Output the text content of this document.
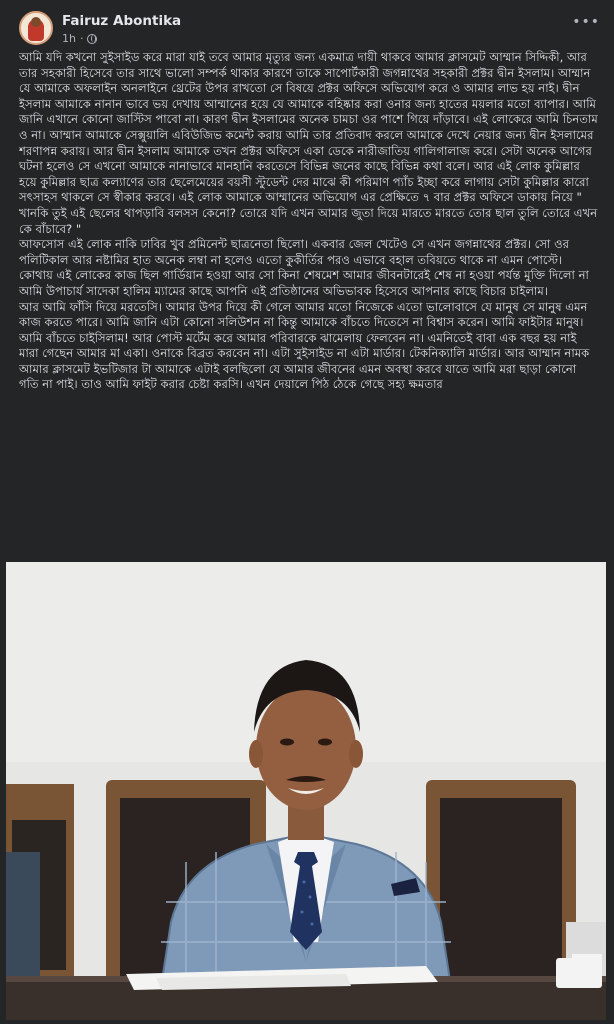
Fairuz Abontika
1h ·
•••

আমি যদি কখনো সুইসাইড করে মারা যাই তবে আমার মৃত্যুর জন্য একমাত্র দায়ী থাকবে আমার ক্লাসমেট আম্মান সিদ্দিকী, আর তার সহকারী হিসেবে তার সাথে ভালো সম্পর্ক থাকার কারণে তাকে সাপোর্টকারী জগন্নাথের সহকারী প্রক্টর দ্বীন ইসলাম। আম্মান যে আমাকে অফলাইন অনলাইনে থ্রেটের উপর রাখতো সে বিষয়ে প্রক্টর অফিসে অভিযোগ করে ও আমার লাভ হয় নাই। দ্বীন ইসলাম আমাকে নানান ভাবে ভয় দেখায় আম্মানের হয়ে যে আমাকে বহিষ্কার করা ওনার জন্য হাতের ময়লার মতো ব্যাপার। আমি জানি এখানে কোনো জাস্টিস পাবো না। কারণ দ্বীন ইসলামের অনেক চামচা ওর পাশে গিয়ে দাঁড়াবে। এই লোকেরে আমি চিনতাম ও না। আম্মান আমাকে সেক্সুয়ালি এবিউজিভ কমেন্ট করায় আমি তার প্রতিবাদ করলে আমাকে দেখে নেয়ার জন্য দ্বীন ইসলামের শরণাপন্ন করায়। আর দ্বীন ইসলাম আমাকে তখন প্রক্টর অফিসে একা ডেকে নারীজাতিয় গালিগালাজ করে। সেটা অনেক আগের ঘটনা হলেও সে এখনো আমাকে নানাভাবে মানহানি করতেসে বিভিন্ন জনের কাছে বিভিন্ন কথা বলে। আর এই লোক কুমিল্লার হয়ে কুমিল্লার ছাত্র কল্যাণের তার ছেলেমেয়ের বয়সী স্টুডেন্ট দের মাঝে কী পরিমাণ প্যাঁচ ইচ্ছা করে লাগায় সেটা কুমিল্লার কারো সৎসাহস থাকলে সে স্বীকার করবে। এই লোক আমাকে আম্মানের অভিযোগ এর প্রেক্ষিতে ৭ বার প্রক্টর অফিসে ডাকায় নিয়ে " খানকি তুই এই ছেলের থাপড়াবি বলসস কেনো? তোরে যদি এখন আমার জুতা দিয়ে মারতে মারতে তোর ছাল তুলি তোরে এখন কে বাঁচাবে? "

আফসোস এই লোক নাকি ঢাবির খুব প্রমিনেন্ট ছাত্রনেতা ছিলো। একবার জেল খেটেও সে এখন জগন্নাথের প্রক্টর। সো ওর পলিটিকাল আর নষ্টামির হাত অনেক লম্বা না হলেও এতো কুকীর্তির পরও এভাবে বহাল তবিয়তে থাকে না এমন পোস্টে। কোথায় এই লোকের কাজ ছিল গার্ডিয়ান হওয়া আর সো কিনা শেষমেশ আমার জীবনটারেই শেষ না হওয়া পর্যন্ত মুক্তি দিলো না

আমি উপাচার্য সাদেকা হালিম ম্যামের কাছে আপনি এই প্রতিষ্ঠানের অভিভাবক হিসেবে আপনার কাছে বিচার চাইলাম।

আর আমি ফাঁসি দিয়ে মরতেসি। আমার উপর দিয়ে কী গেলে আমার মতো নিজেকে এতো ভালোবাসে যে মানুষ সে মানুষ এমন কাজ করতে পারে। আমি জানি এটা কোনো সলিউশন না কিন্তু আমাকে বাঁচতে দিতেসে না বিশ্বাস করেন। আমি ফাইটার মানুষ। আমি বাঁচতে চাইসিলাম! আর পোস্ট মর্টেম করে আমার পরিবারকে ঝামেলায় ফেলবেন না। এমনিতেই বাবা এক বছর হয় নাই মারা গেছেন আমার মা একা। ওনাকে বিব্রত করবেন না। এটা সুইসাইড না এটা মার্ডার। টেকনিক্যালি মার্ডার। আর আম্মান নামক আমার ক্লাসমেট ইভটিজার টা আমাকে এটাই বলছিলো যে আমার জীবনের এমন অবস্থা করবে যাতে আমি মরা ছাড়া কোনো গতি না পাই। তাও আমি ফাইট করার চেষ্টা করসি। এখন দেয়ালে পিঠ ঠেকে গেছে সহ্য ক্ষমতার
